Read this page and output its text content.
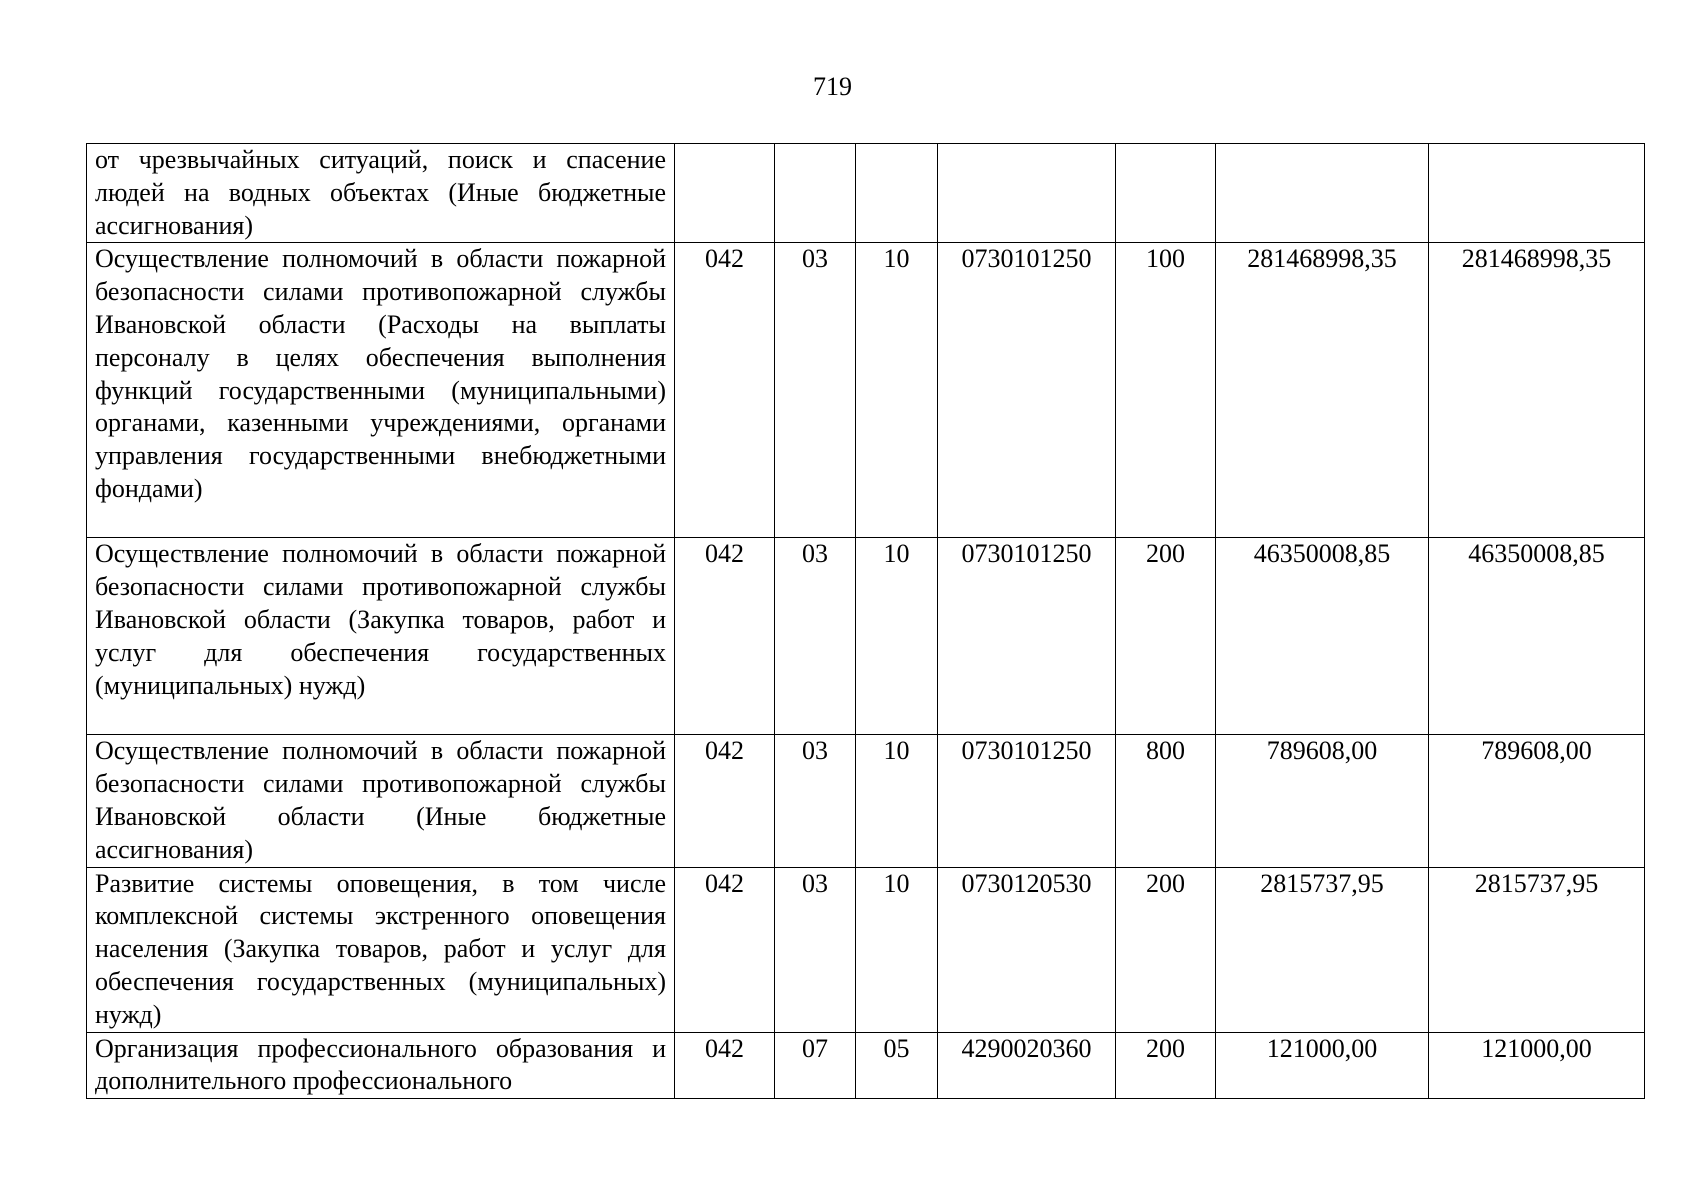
719
от чрезвычайных ситуаций, поиск и спасение людей на водных объектах (Иные бюджетные ассигнования)							
Осуществление полномочий в области пожарной безопасности силами противопожарной службы Ивановской области (Расходы на выплаты персоналу в целях обеспечения выполнения функций государственными (муниципальными) органами, казенными учреждениями, органами управления государственными внебюджетными фондами)	042	03	10	0730101250	100	281468998,35	281468998,35
Осуществление полномочий в области пожарной безопасности силами противопожарной службы Ивановской области (Закупка товаров, работ и услуг для обеспечения государственных (муниципальных) нужд)	042	03	10	0730101250	200	46350008,85	46350008,85
Осуществление полномочий в области пожарной безопасности силами противопожарной службы Ивановской области (Иные бюджетные ассигнования)	042	03	10	0730101250	800	789608,00	789608,00
Развитие системы оповещения, в том числе комплексной системы экстренного оповещения населения (Закупка товаров, работ и услуг для обеспечения государственных (муниципальных) нужд)	042	03	10	0730120530	200	2815737,95	2815737,95
Организация профессионального образования и дополнительного профессионального	042	07	05	4290020360	200	121000,00	121000,00
